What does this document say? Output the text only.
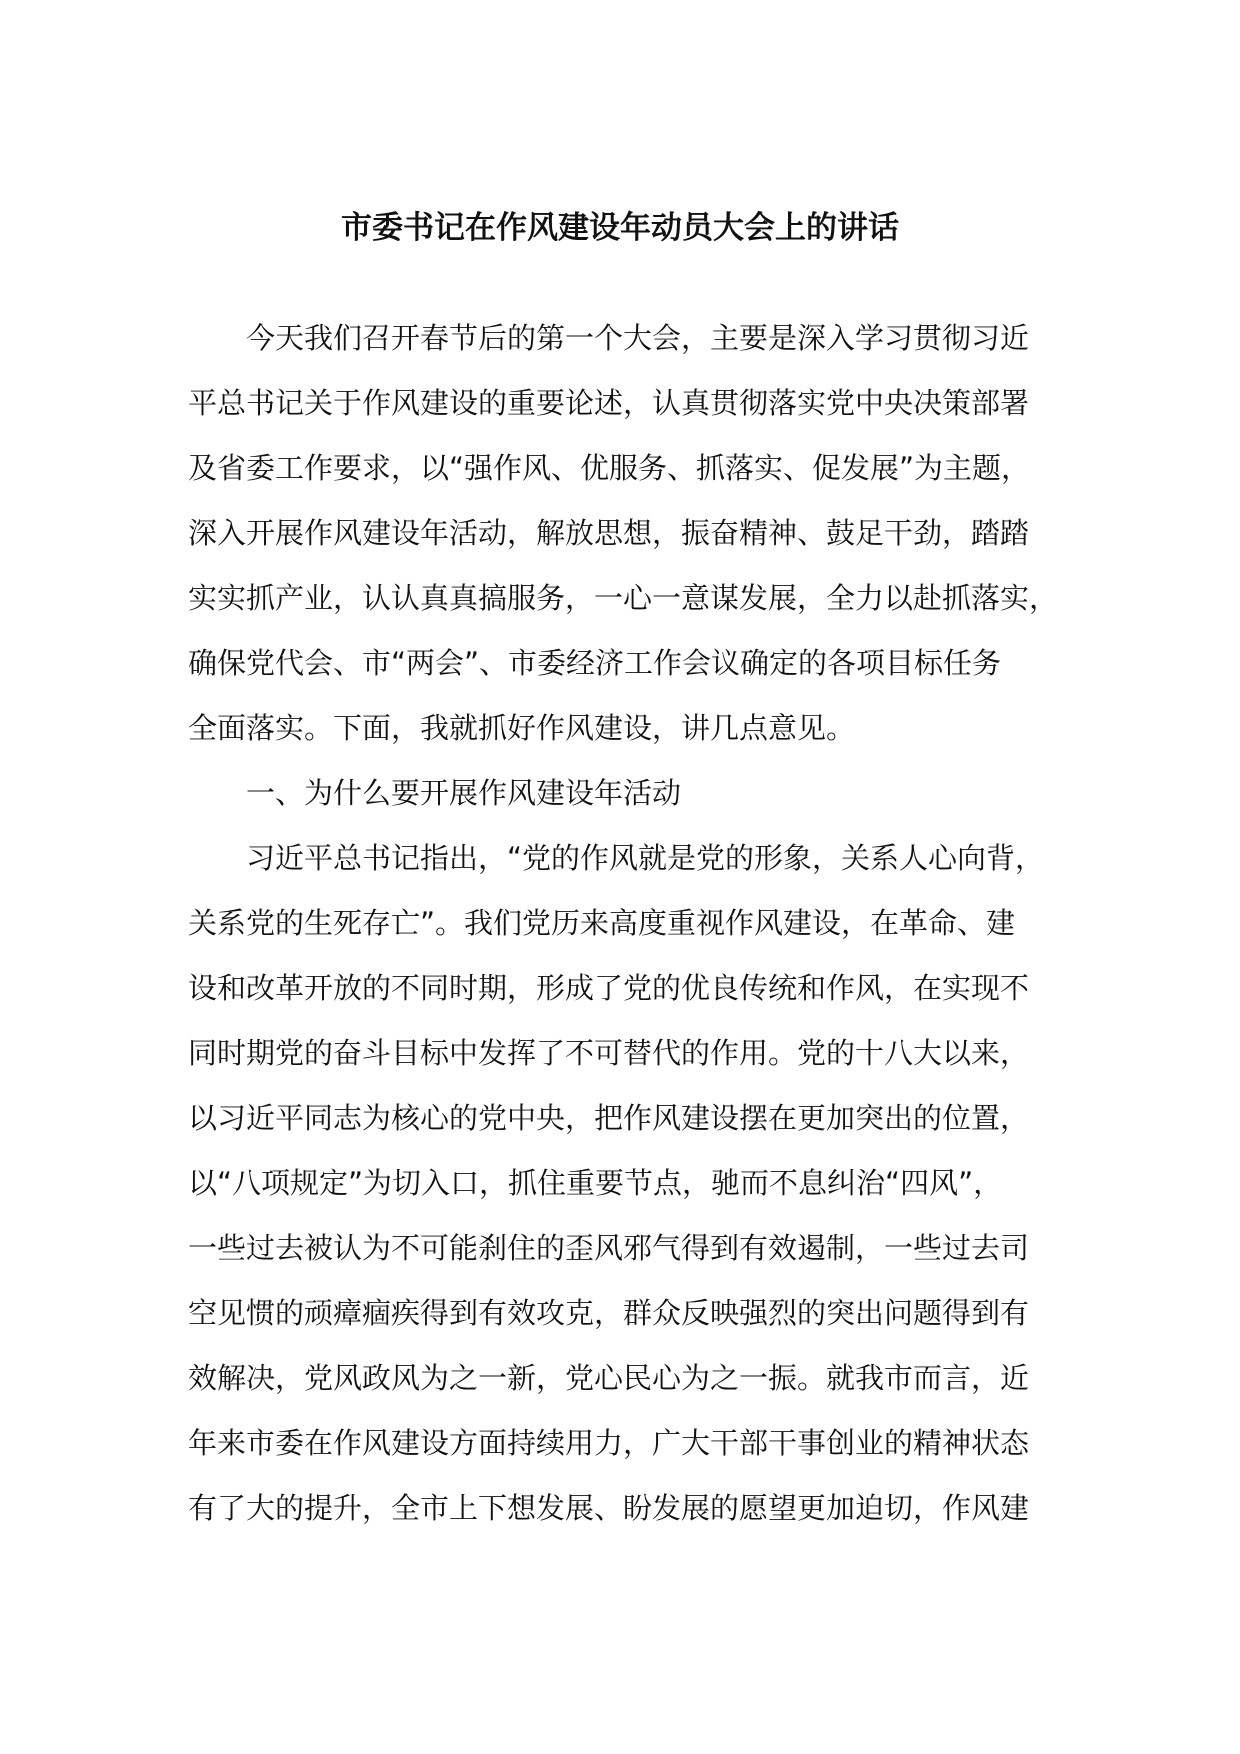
市委书记在作风建设年动员大会上的讲话
今天我们召开春节后的第一个大会，主要是深入学习贯彻习近
平总书记关于作风建设的重要论述，认真贯彻落实党中央决策部署
及省委工作要求，以“强作风、优服务、抓落实、促发展”为主题，
深入开展作风建设年活动，解放思想，振奋精神、鼓足干劲，踏踏
实实抓产业，认认真真搞服务，一心一意谋发展，全力以赴抓落实，
确保党代会、市“两会”、市委经济工作会议确定的各项目标任务
全面落实。下面，我就抓好作风建设，讲几点意见。
一、为什么要开展作风建设年活动
习近平总书记指出，“党的作风就是党的形象，关系人心向背，
关系党的生死存亡”。我们党历来高度重视作风建设，在革命、建
设和改革开放的不同时期，形成了党的优良传统和作风，在实现不
同时期党的奋斗目标中发挥了不可替代的作用。党的十八大以来，
以习近平同志为核心的党中央，把作风建设摆在更加突出的位置，
以“八项规定”为切入口，抓住重要节点，驰而不息纠治“四风”，
一些过去被认为不可能刹住的歪风邪气得到有效遏制，一些过去司
空见惯的顽瘴痼疾得到有效攻克，群众反映强烈的突出问题得到有
效解决，党风政风为之一新，党心民心为之一振。就我市而言，近
年来市委在作风建设方面持续用力，广大干部干事创业的精神状态
有了大的提升，全市上下想发展、盼发展的愿望更加迫切，作风建
